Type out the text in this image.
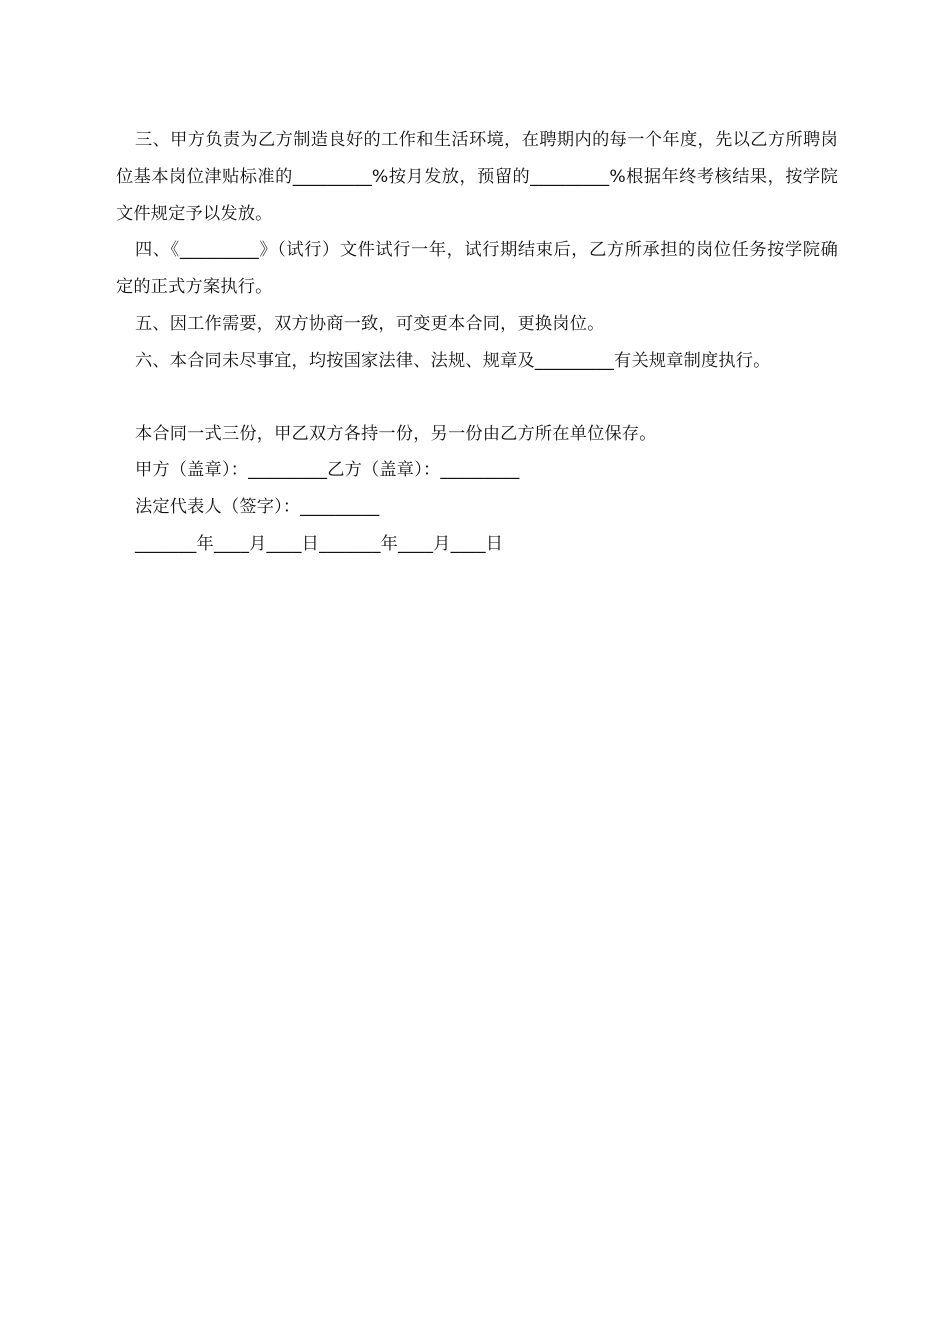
三、甲方负责为乙方制造良好的工作和生活环境，在聘期内的每一个年度，先以乙方所聘岗位基本岗位津贴标准的_________%按月发放，预留的_________%根据年终考核结果，按学院文件规定予以发放。

四、《_________》（试行）文件试行一年，试行期结束后，乙方所承担的岗位任务按学院确定的正式方案执行。

五、因工作需要，双方协商一致，可变更本合同，更换岗位。

六、本合同未尽事宜，均按国家法律、法规、规章及_________有关规章制度执行。

本合同一式三份，甲乙双方各持一份，另一份由乙方所在单位保存。

甲方（盖章）：_________乙方（盖章）：_________

法定代表人（签字）：_________

_______年____月____日_______年____月____日
